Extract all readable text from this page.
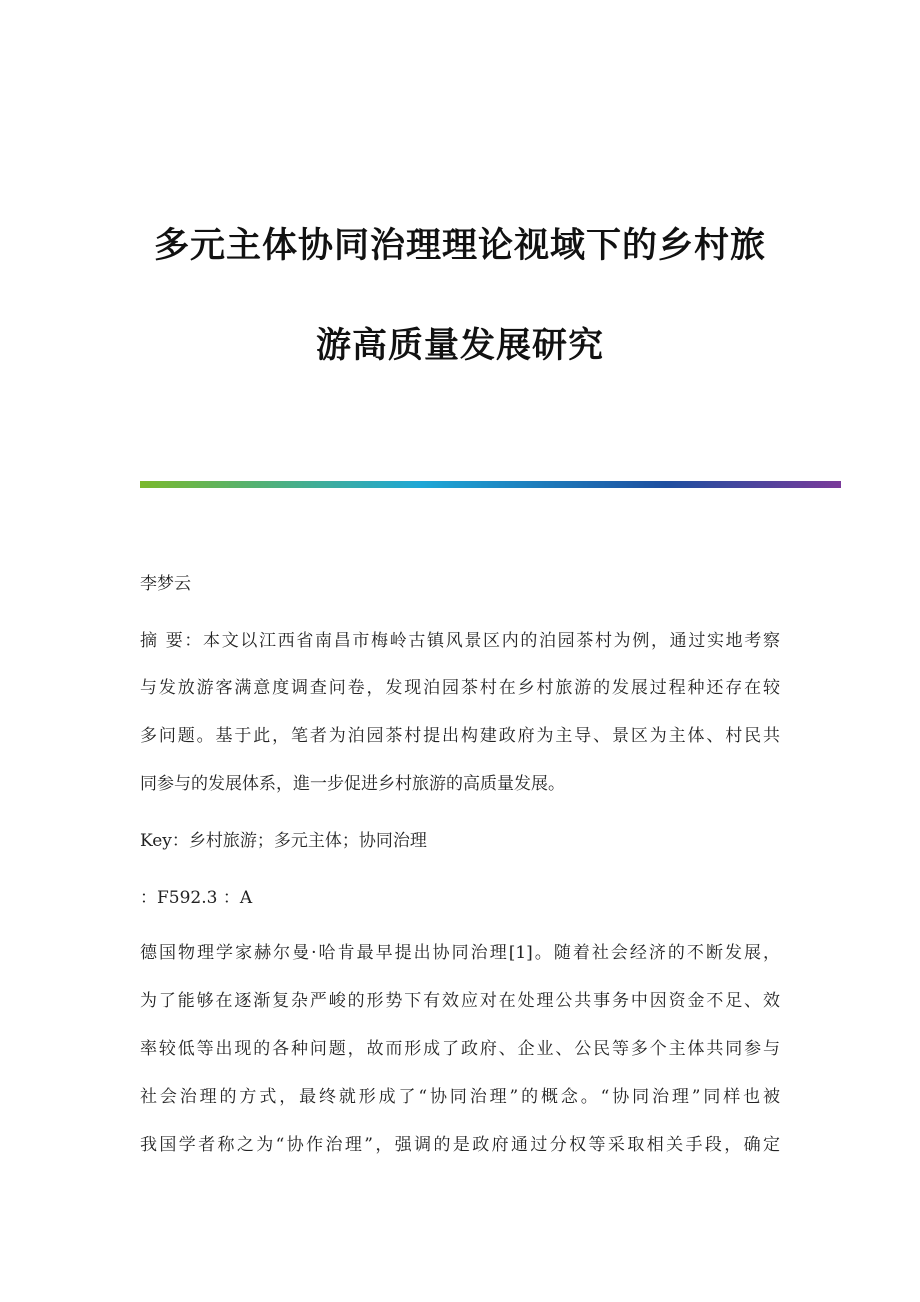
多元主体协同治理理论视域下的乡村旅
游高质量发展研究
李梦云
摘 要：本文以江西省南昌市梅岭古镇风景区内的泊园茶村为例，通过实地考察
与发放游客满意度调查问卷，发现泊园茶村在乡村旅游的发展过程种还存在较
多问题。基于此，笔者为泊园茶村提出构建政府为主导、景区为主体、村民共
同参与的发展体系，進一步促进乡村旅游的高质量发展。
Key：乡村旅游；多元主体；协同治理
：F592.3 ：A
德国物理学家赫尔曼·哈肯最早提出协同治理[1]。随着社会经济的不断发展，
为了能够在逐渐复杂严峻的形势下有效应对在处理公共事务中因资金不足、效
率较低等出现的各种问题，故而形成了政府、企业、公民等多个主体共同参与
社会治理的方式，最终就形成了“协同治理”的概念。“协同治理”同样也被
我国学者称之为“协作治理”，强调的是政府通过分权等采取相关手段，确定
